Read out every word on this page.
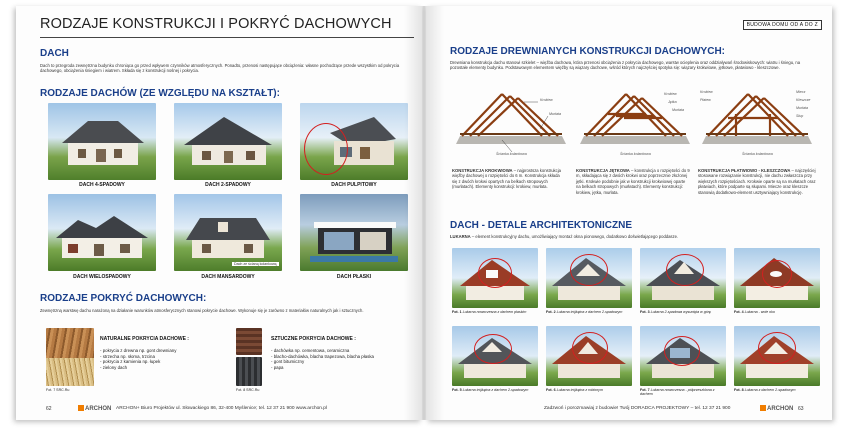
RODZAJE KONSTRUKCJI I POKRYĆ DACHOWYCH
DACH
Dach to przegroda zewnętrzna budynku chroniąca go przed wpływem czynników atmosferycznych. Ponadto, przenosi następujące obciążenia: własne pochodzące przede wszystkim od pokrycia dachowego, obciążenia śniegiem i wiatrem. Składa się z konstrukcji nośnej i pokrycia.
RODZAJE DACHÓW (ZE WZGLĘDU NA KSZTAŁT):
DACH 4-SPADOWY	DACH 2-SPADOWY	DACH PULPITOWY
Dach ze ścianą kolankową
DACH WIELOSPADOWY	DACH MANSARDOWY	DACH PŁASKI
RODZAJE POKRYĆ DACHOWYCH:
Zewnętrzną warstwę dachu narażoną na działanie warunków atmosferycznych stanowi pokrycie dachowe. Wykonuje się je zarówno z materiałów naturalnych jak i sztucznych.
Fot. 7 SRC.Ru
NATURALNE POKRYCIA DACHOWE :
- pokrycia z drewna np. gont drewniany
- strzecha np. słoma, trzcina
- pokrycia z kamienia np. łupek
- zielony dach
Fot. 8 SRC.Ru
SZTUCZNE POKRYCIA DACHOWE :
- dachówka np. cementowa, ceramiczna
- blacho-dachówka, blacha trapezowa, blacha płaska
- gont bitumiczny
- papa
62	ARCHON ARCHON+ Biuro Projektów ul. Słowackiego 86, 32-400 Myślenice; tel. 12 37 21 900 www.archon.pl
BUDOWA DOMU OD A DO Z
RODZAJE DREWNIANYCH KONSTRUKCJI DACHOWYCH:
Drewniana konstrukcja dachu stanowi szkielet – więźba dachowa, która przenosi obciążenia z pokrycia dachowego, warstw ocieplenia oraz oddziaływań środowiskowych: wiatru i śniegu, na pozostałe elementy budynku. Podstawowym elementem więźby są wiązary dachowe, wśród których najczęściej spotyka się: wiązary krokwiowe, jętkowe, płatwiowo - kleszczowe.
Krokiew
Murłata
Ścianka kolankowa
Krokiew
Jętka
Murłata
Ścianka kolankowa
Krokiew
Płatew
Miecz
Kleszcze
Murłata
Słup
Ścianka kolankowa
KONSTRUKCJA KROKWIOWA – najprostsza konstrukcja więźby dachowej o rozpiętości do 6 m. Konstrukcja składa się z dwóch krokwi opartych na belkach stropowych (murłatach). Elementy konstrukcji: krokiew, murłata.
KONSTRUKCJA JĘTKOWA – konstrukcja o rozpiętości do 9 m, składająca się z dwóch krokwi oraz poprzecznie złożonej jętki. Krokwie podobnie jak w konstrukcji krokwiowej oparte na belkach stropowych (murłatach). Elementy konstrukcji: krokiew, jętka, murłata.
KONSTRUKCJA PŁATWIOWO - KLESZCZOWA – najczęściej stosowane rozwiązanie konstrukcji, nie dachu zwłaszcza przy większych rozpiętościach. Krokwie oparte są na murłatach oraz płatwiach, które podparte są słupami. Miecze oraz kleszcze stanowią dodatkowo-element usztywniający konstrukcję.
DACH - DETALE ARCHITEKTONICZNE
LUKARNA – element konstrukcyjny dachu, umożliwiający montaż okna pionowego, dodatkowo doświetlającego poddasze.
Fot. 1 Lukarna nowoczesna z dachem płaskim	Fot. 2 Lukarna trójkątna z dachem 2-spadowym	Fot. 3 Lukarna 2-spadowa wysunięta w górę	Fot. 4 Lukarna - wole oko
Fot. 5 Lukarna trójkątna z dachem 2-spadowym	Fot. 6 Lukarna trójkątna z robionym	Fot. 7 Lukarna nowoczesna - półprzeszklona z dachem
Fot. 8 Lukarna z dachem 2-spadowym
Zadzwoń i porozmawiaj z budowie! Twój DORADCA PROJEKTOWY – tel. 12 37 21 900	ARCHON 63
